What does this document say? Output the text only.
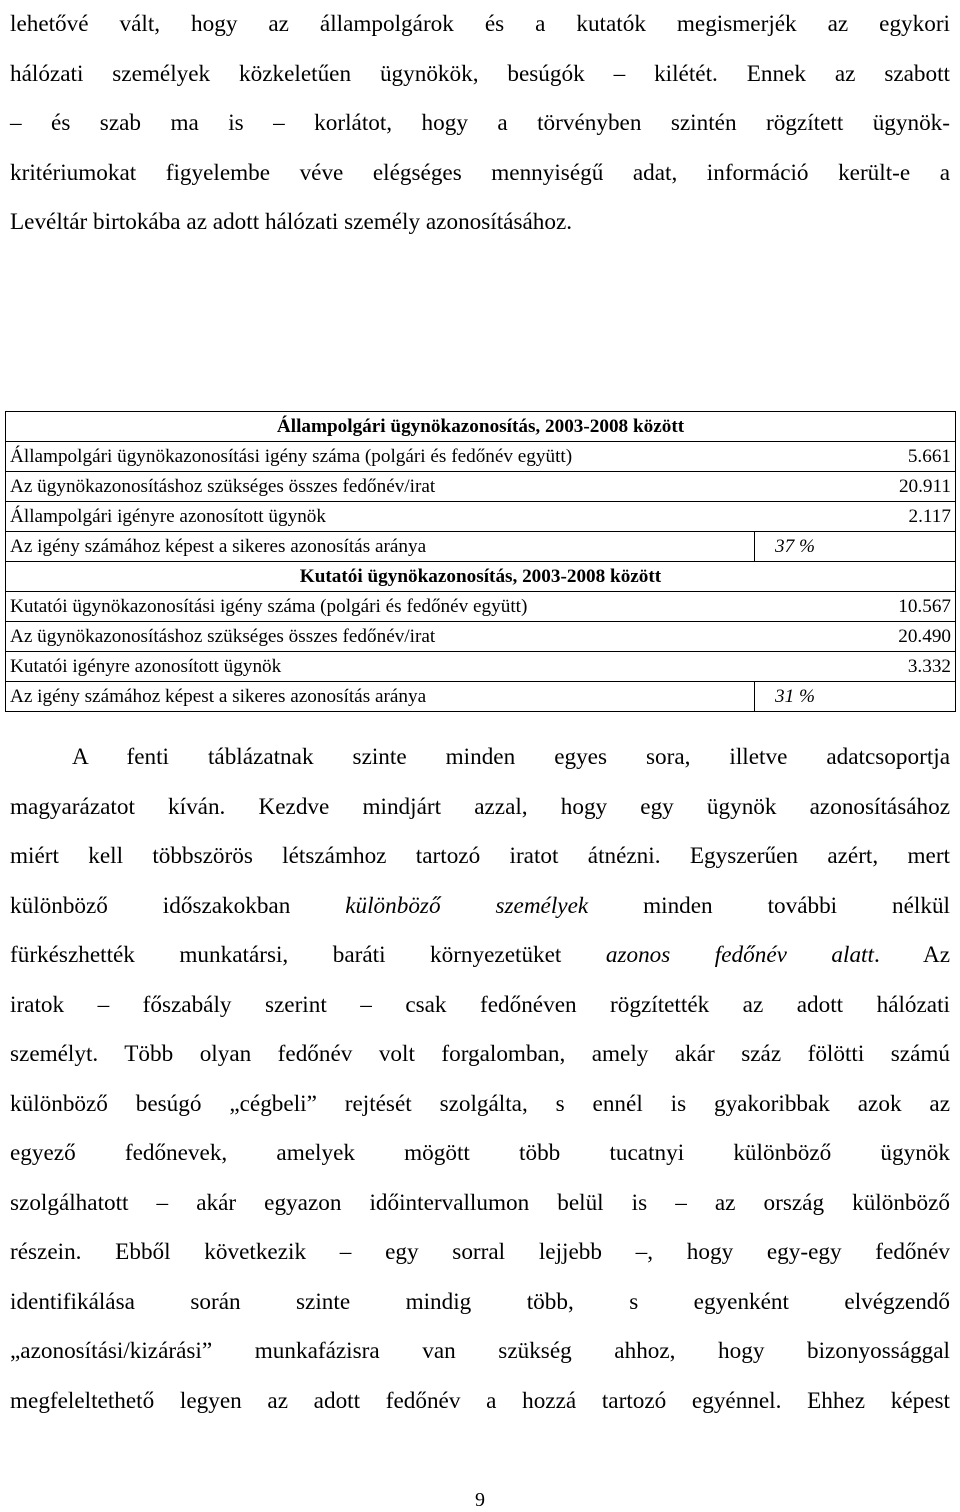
lehetővé vált, hogy az állampolgárok és a kutatók megismerjék az egykori
hálózati személyek közkeletűen ügynökök, besúgók – kilétét. Ennek az szabott
– és szab ma is – korlátot, hogy a törvényben szintén rögzített ügynök-
kritériumokat figyelembe véve elégséges mennyiségű adat, információ került-e a
Levéltár birtokába az adott hálózati személy azonosításához.
Állampolgári ügynökazonosítás, 2003-2008 között	
Állampolgári ügynökazonosítási igény száma (polgári és fedőnév együtt)	5.661
Az ügynökazonosításhoz szükséges összes fedőnév/irat	20.911
Állampolgári igényre azonosított ügynök	2.117
Az igény számához képest a sikeres azonosítás aránya	37 %
Kutatói ügynökazonosítás, 2003-2008 között	
Kutatói ügynökazonosítási igény száma (polgári és fedőnév együtt)	10.567
Az ügynökazonosításhoz szükséges összes fedőnév/irat	20.490
Kutatói igényre azonosított ügynök	3.332
Az igény számához képest a sikeres azonosítás aránya	31 %
A fenti táblázatnak szinte minden egyes sora, illetve adatcsoportja
magyarázatot kíván. Kezdve mindjárt azzal, hogy egy ügynök azonosításához
miért kell többszörös létszámhoz tartozó iratot átnézni. Egyszerűen azért, mert
különböző időszakokban különböző személyek minden további nélkül
fürkészhették munkatársi, baráti környezetüket azonos fedőnév alatt. Az
iratok – főszabály szerint – csak fedőnéven rögzítették az adott hálózati
személyt. Több olyan fedőnév volt forgalomban, amely akár száz fölötti számú
különböző besúgó „cégbeli” rejtését szolgálta, s ennél is gyakoribbak azok az
egyező fedőnevek, amelyek mögött több tucatnyi különböző ügynök
szolgálhatott – akár egyazon időintervallumon belül is – az ország különböző
részein. Ebből következik – egy sorral lejjebb –, hogy egy-egy fedőnév
identifikálása során szinte mindig több, s egyenként elvégzendő
„azonosítási/kizárási” munkafázisra van szükség ahhoz, hogy bizonyossággal
megfeleltethető legyen az adott fedőnév a hozzá tartozó egyénnel. Ehhez képest
9
